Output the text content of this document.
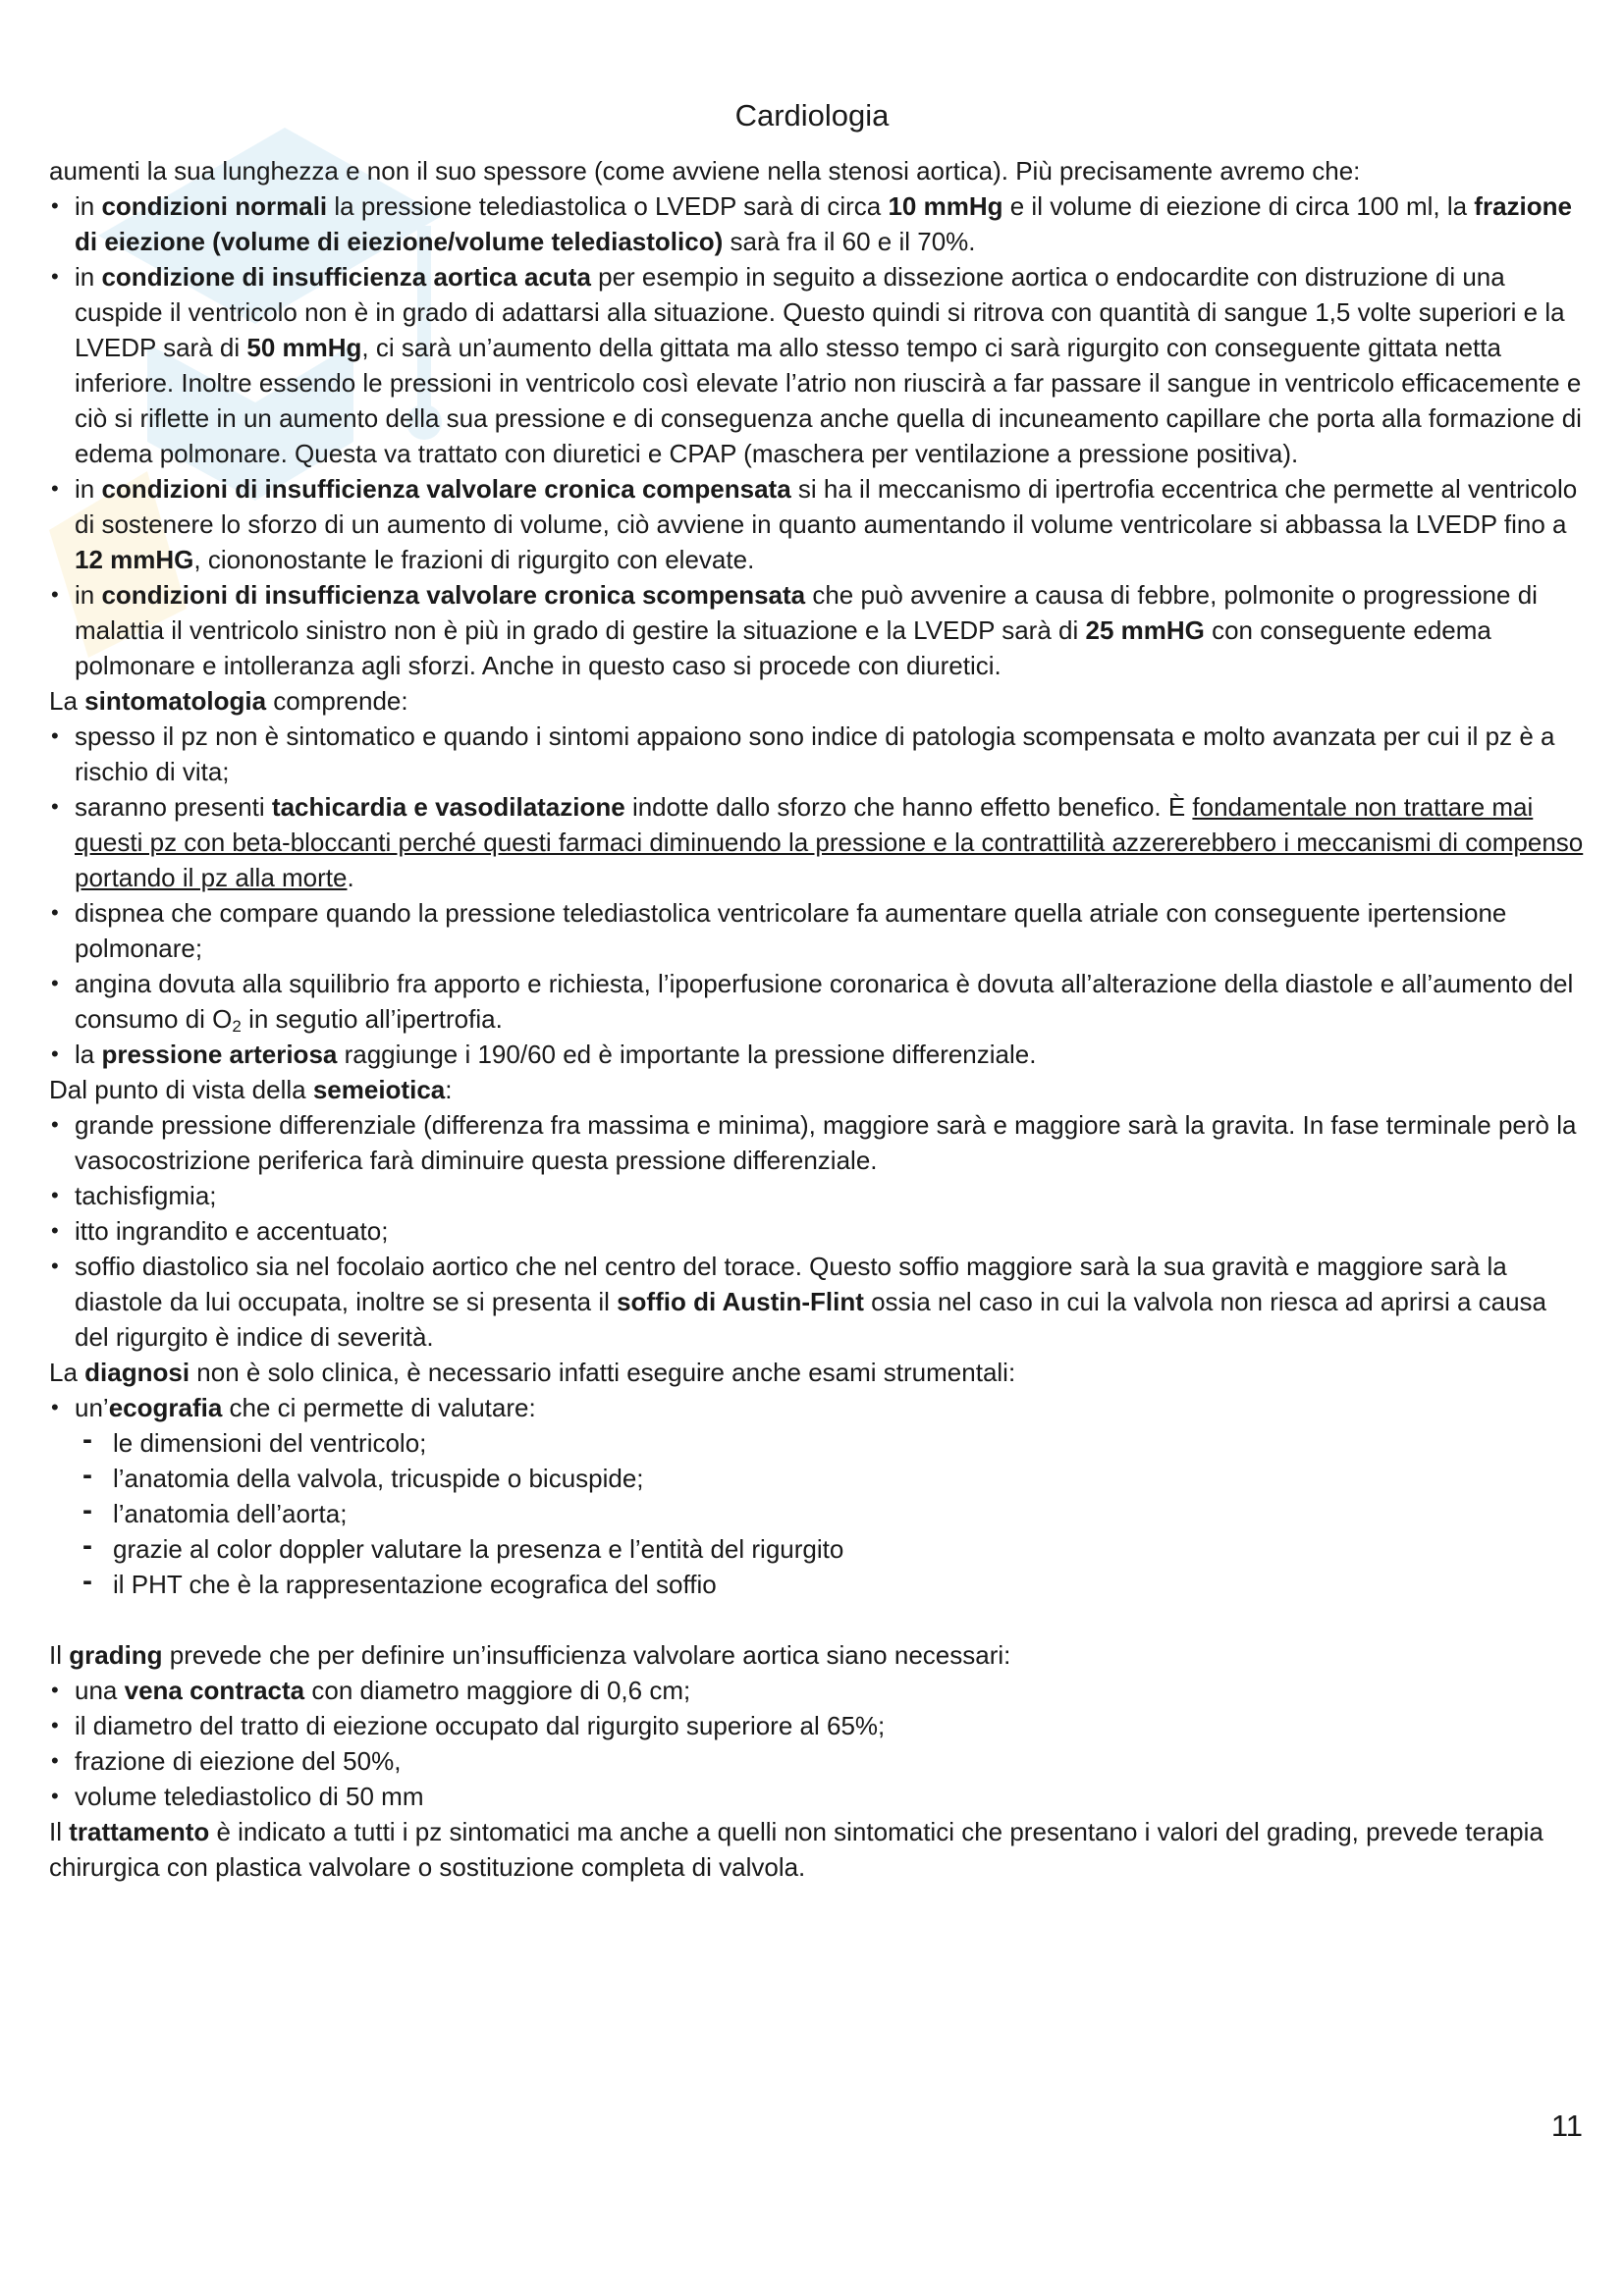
Cardiologia

aumenti la sua lunghezza e non il suo spessore (come avviene nella stenosi aortica). Più precisamente avremo che:

• in condizioni normali la pressione telediastolica o LVEDP sarà di circa 10 mmHg e il volume di eiezione di circa 100 ml, la frazione di eiezione (volume di eiezione/volume telediastolico) sarà fra il 60 e il 70%.
• in condizione di insufficienza aortica acuta per esempio in seguito a dissezione aortica o endocardite con distruzione di una cuspide il ventricolo non è in grado di adattarsi alla situazione. Questo quindi si ritrova con quantità di sangue 1,5 volte superiori e la LVEDP sarà di 50 mmHg, ci sarà un’aumento della gittata ma allo stesso tempo ci sarà rigurgito con conseguente gittata netta inferiore. Inoltre essendo le pressioni in ventricolo così elevate l’atrio non riuscirà a far passare il sangue in ventricolo efficacemente e ciò si riflette in un aumento della sua pressione e di conseguenza anche quella di incuneamento capillare che porta alla formazione di edema polmonare. Questa va trattato con diuretici e CPAP (maschera per ventilazione a pressione positiva).
• in condizioni di insufficienza valvolare cronica compensata si ha il meccanismo di ipertrofia eccentrica che permette al ventricolo di sostenere lo sforzo di un aumento di volume, ciò avviene in quanto aumentando il volume ventricolare si abbassa la LVEDP fino a 12 mmHG, ciononostante le frazioni di rigurgito con elevate.
• in condizioni di insufficienza valvolare cronica scompensata che può avvenire a causa di febbre, polmonite o progressione di malattia il ventricolo sinistro non è più in grado di gestire la situazione e la LVEDP sarà di 25 mmHG con conseguente edema polmonare e intolleranza agli sforzi. Anche in questo caso si procede con diuretici.

La sintomatologia comprende:

• spesso il pz non è sintomatico e quando i sintomi appaiono sono indice di patologia scompensata e molto avanzata per cui il pz è a rischio di vita;
• saranno presenti tachicardia e vasodilatazione indotte dallo sforzo che hanno effetto benefico. È fondamentale non trattare mai questi pz con beta-bloccanti perché questi farmaci diminuendo la pressione e la contrattilità azzererebbero i meccanismi di compenso portando il pz alla morte.
• dispnea che compare quando la pressione telediastolica ventricolare fa aumentare quella atriale con conseguente ipertensione polmonare;
• angina dovuta alla squilibrio fra apporto e richiesta, l’ipoperfusione coronarica è dovuta all’alterazione della diastole e all’aumento del consumo di $O_2$ in segutio all’ipertrofia.
• la pressione arteriosa raggiunge i 190/60 ed è importante la pressione differenziale.

Dal punto di vista della semeiotica:

• grande pressione differenziale (differenza fra massima e minima), maggiore sarà e maggiore sarà la gravita. In fase terminale però la vasocostrizione periferica farà diminuire questa pressione differenziale.
• tachisfigmia;
• itto ingrandito e accentuato;
• soffio diastolico sia nel focolaio aortico che nel centro del torace. Questo soffio maggiore sarà la sua gravità e maggiore sarà la diastole da lui occupata, inoltre se si presenta il soffio di Austin-Flint ossia nel caso in cui la valvola non riesca ad aprirsi a causa del rigurgito è indice di severità.

La diagnosi non è solo clinica, è necessario infatti eseguire anche esami strumentali:

• un’ecografia che ci permette di valutare:
- le dimensioni del ventricolo;
- l’anatomia della valvola, tricuspide o bicuspide;
- l’anatomia dell’aorta;
- grazie al color doppler valutare la presenza e l’entità del rigurgito
- il PHT che è la rappresentazione ecografica del soffio

Il grading prevede che per definire un’insufficienza valvolare aortica siano necessari:

• una vena contracta con diametro maggiore di 0,6 cm;
• il diametro del tratto di eiezione occupato dal rigurgito superiore al 65%;
• frazione di eiezione del 50%,
• volume telediastolico di 50 mm

Il trattamento è indicato a tutti i pz sintomatici ma anche a quelli non sintomatici che presentano i valori del grading, prevede terapia chirurgica con plastica valvolare o sostituzione completa di valvola.

11
